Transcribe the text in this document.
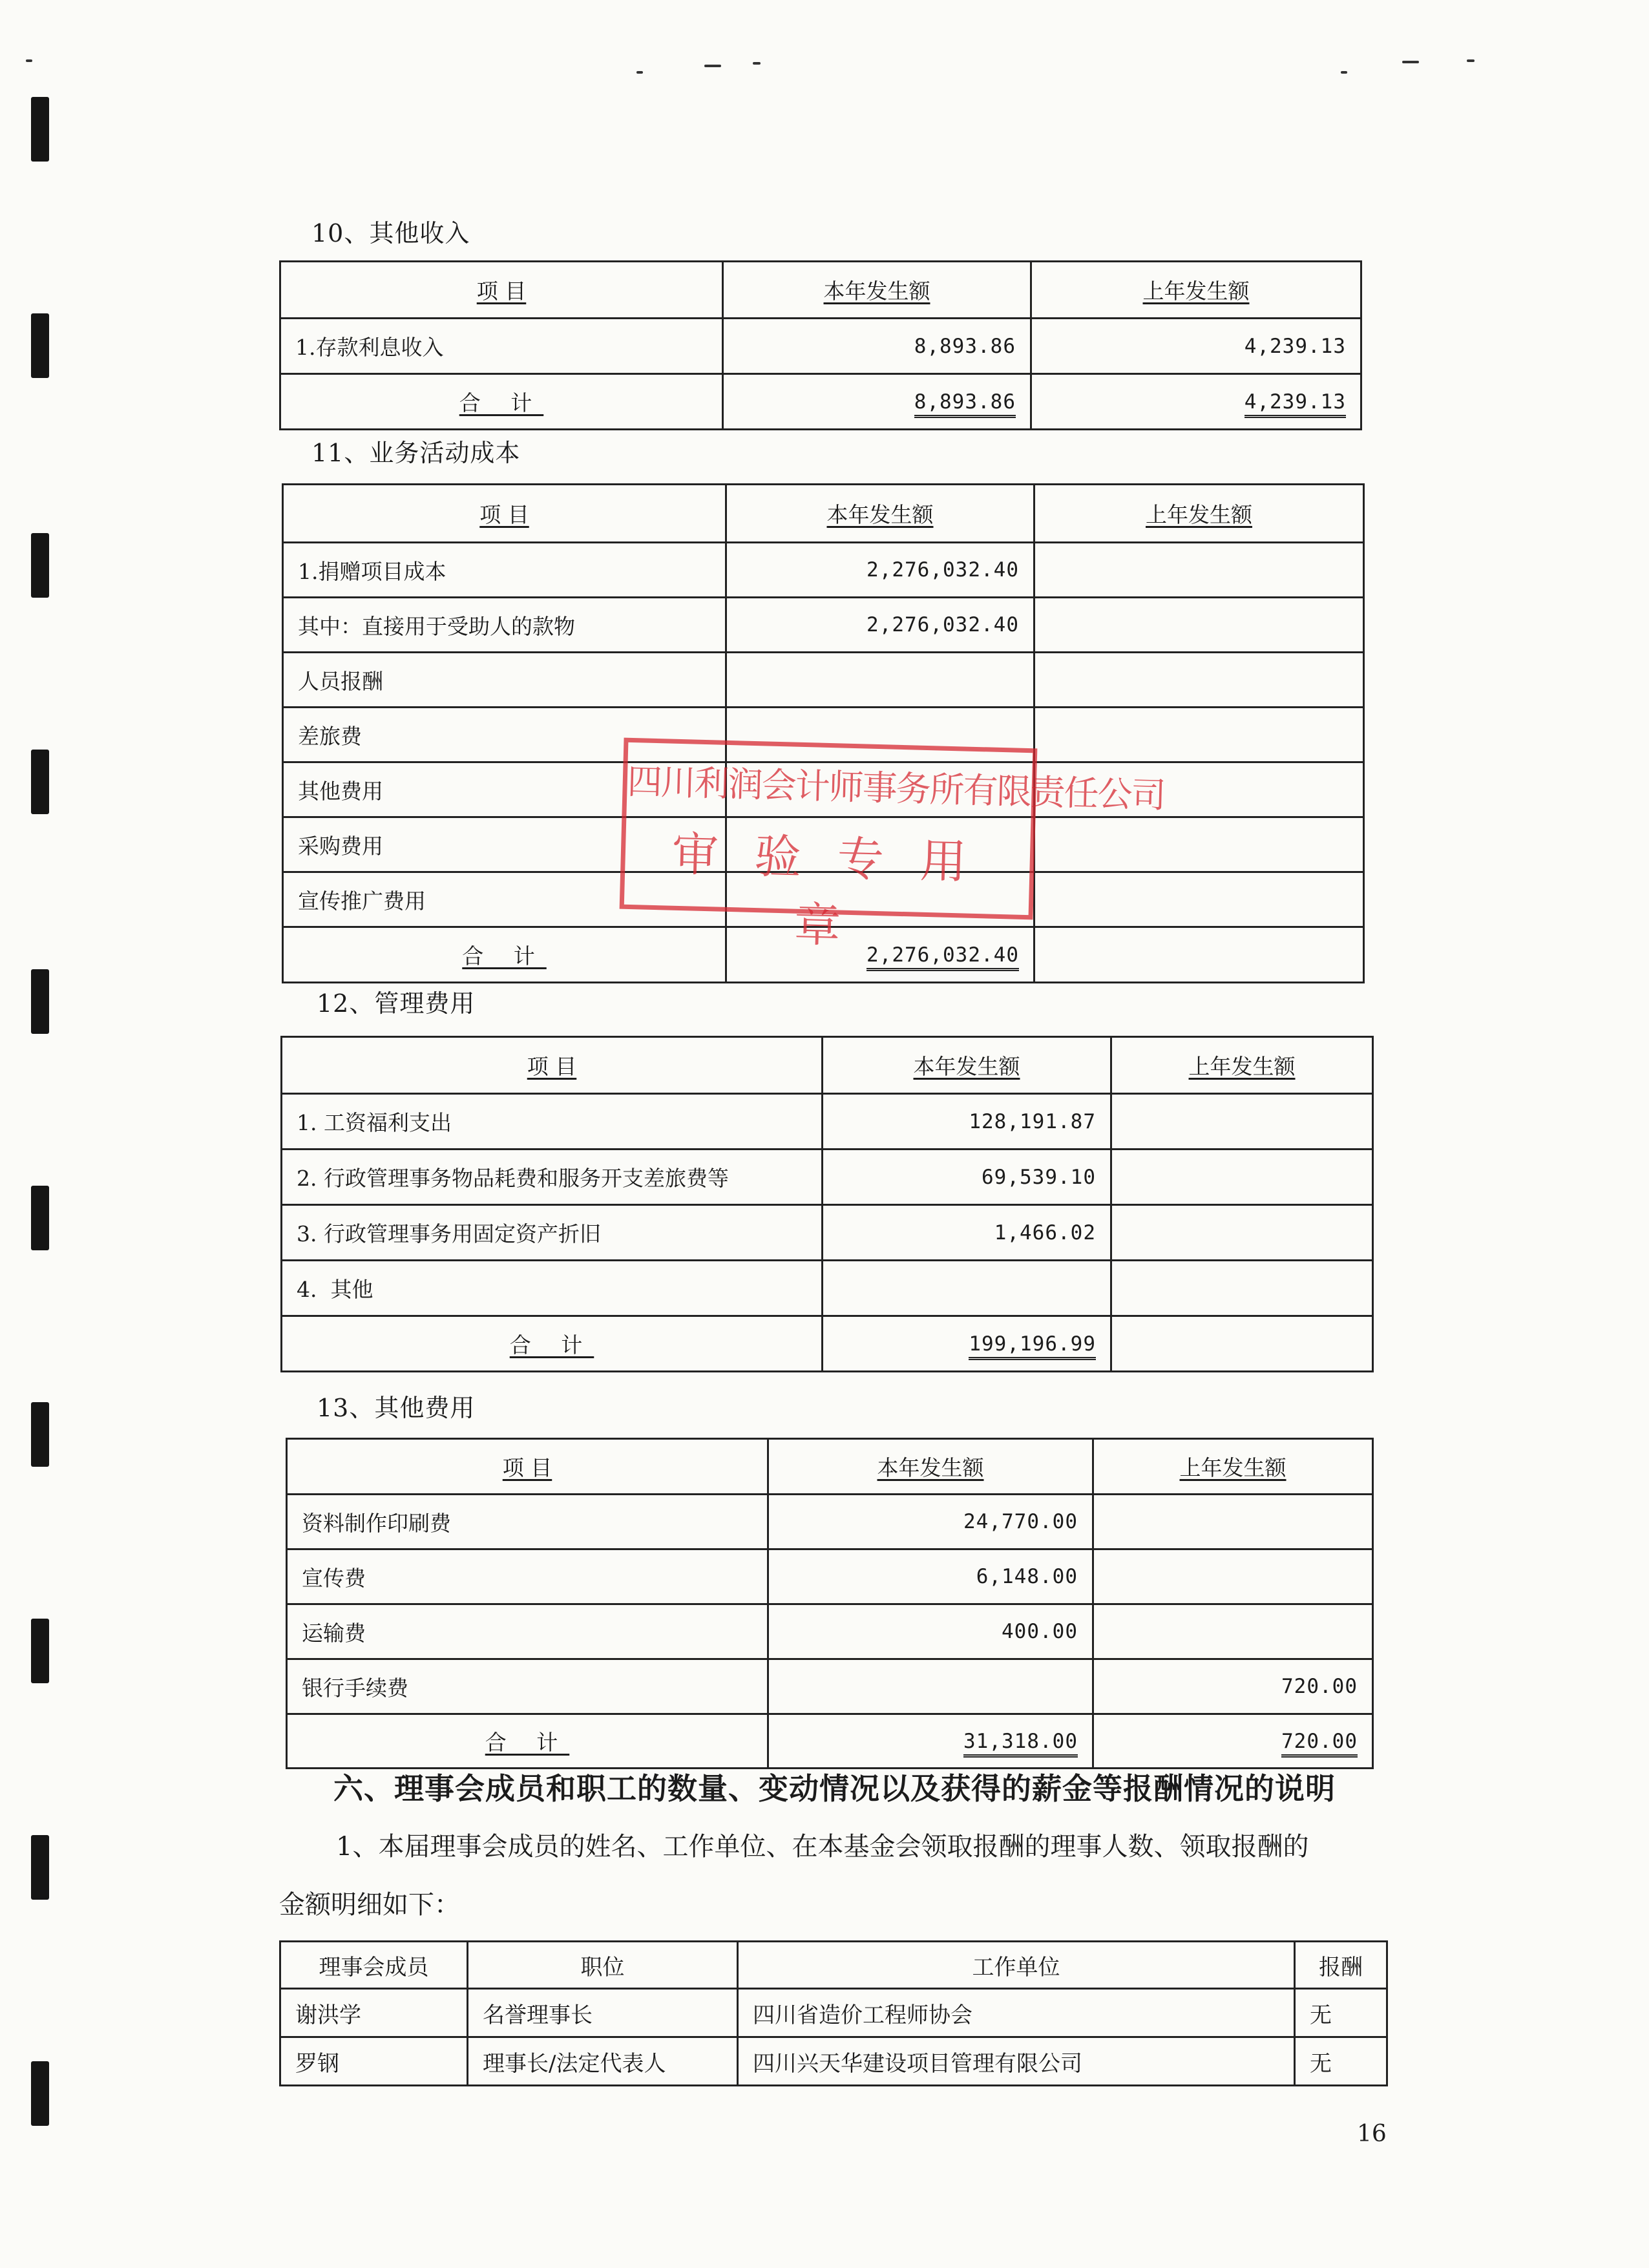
10、其他收入
项 目	本年发生额	上年发生额
1.存款利息收入	8,893.86	4,239.13
合 计	8,893.86	4,239.13
11、业务活动成本
项 目	本年发生额	上年发生额
1.捐赠项目成本	2,276,032.40	
其中：直接用于受助人的款物	2,276,032.40	
人员报酬		
差旅费		
其他费用		
采购费用		
宣传推广费用		
合 计	2,276,032.40	
四川利润会计师事务所有限责任公司
审验专用章
12、管理费用
项 目	本年发生额	上年发生额
1. 工资福利支出	128,191.87	
2. 行政管理事务物品耗费和服务开支差旅费等	69,539.10	
3. 行政管理事务用固定资产折旧	1,466.02	
4.  其他		
合 计	199,196.99	
13、其他费用
项 目	本年发生额	上年发生额
资料制作印刷费	24,770.00	
宣传费	6,148.00	
运输费	400.00	
银行手续费		720.00
合 计	31,318.00	720.00

六、理事会成员和职工的数量、变动情况以及获得的薪金等报酬情况的说明

1、本届理事会成员的姓名、工作单位、在本基金会领取报酬的理事人数、领取报酬的

金额明细如下：

理事会成员	职位	工作单位	报酬
谢洪学	名誉理事长	四川省造价工程师协会	无
罗钢	理事长/法定代表人	四川兴天华建设项目管理有限公司	无
16
